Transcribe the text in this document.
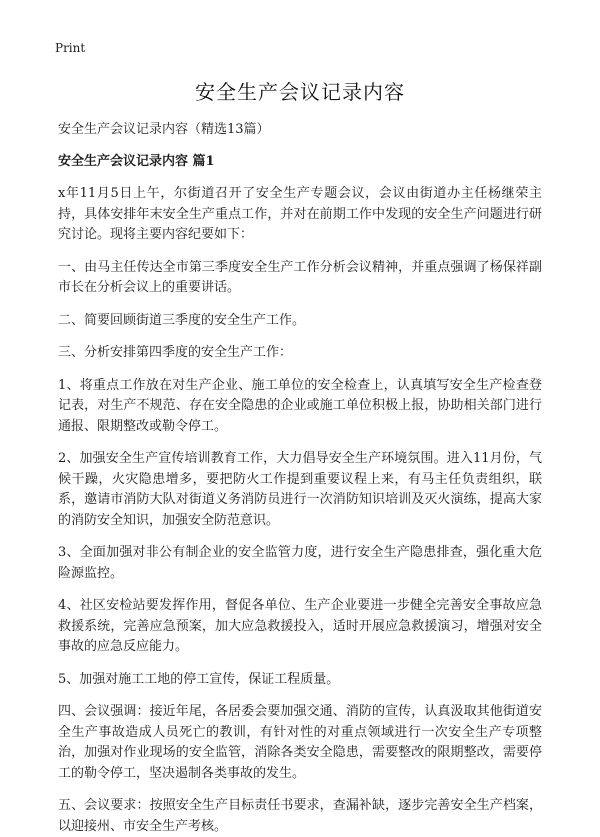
Print
安全生产会议记录内容
安全生产会议记录内容（精选13篇）
安全生产会议记录内容 篇1

x年11月5日上午，尔街道召开了安全生产专题会议，会议由街道办主任杨继荣主持，具体安排年末安全生产重点工作，并对在前期工作中发现的安全生产问题进行研究讨论。现将主要内容纪要如下：

一、由马主任传达全市第三季度安全生产工作分析会议精神，并重点强调了杨保祥副市长在分析会议上的重要讲话。

二、简要回顾街道三季度的安全生产工作。

三、分析安排第四季度的安全生产工作：

1、将重点工作放在对生产企业、施工单位的安全检查上，认真填写安全生产检查登记表，对生产不规范、存在安全隐患的企业或施工单位积极上报，协助相关部门进行通报、限期整改或勒令停工。

2、加强安全生产宣传培训教育工作，大力倡导安全生产环境氛围。进入11月份，气候干躁，火灾隐患增多，要把防火工作提到重要议程上来，有马主任负责组织，联系，邀请市消防大队对街道义务消防员进行一次消防知识培训及灭火演练，提高大家的消防安全知识，加强安全防范意识。

3、全面加强对非公有制企业的安全监管力度，进行安全生产隐患排查，强化重大危险源监控。

4、社区安检站要发挥作用，督促各单位、生产企业要进一步健全完善安全事故应急救援系统，完善应急预案，加大应急救援投入，适时开展应急救援演习，增强对安全事故的应急反应能力。

5、加强对施工工地的停工宣传，保证工程质量。

四、会议强调：接近年尾，各居委会要加强交通、消防的宣传，认真汲取其他街道安全生产事故造成人员死亡的教训，有针对性的对重点领域进行一次安全生产专项整治，加强对作业现场的安全监管，消除各类安全隐患，需要整改的限期整改，需要停工的勒令停工，坚决遏制各类事故的发生。

五、会议要求：按照安全生产目标责任书要求，查漏补缺，逐步完善安全生产档案，以迎接州、市安全生产考核。
